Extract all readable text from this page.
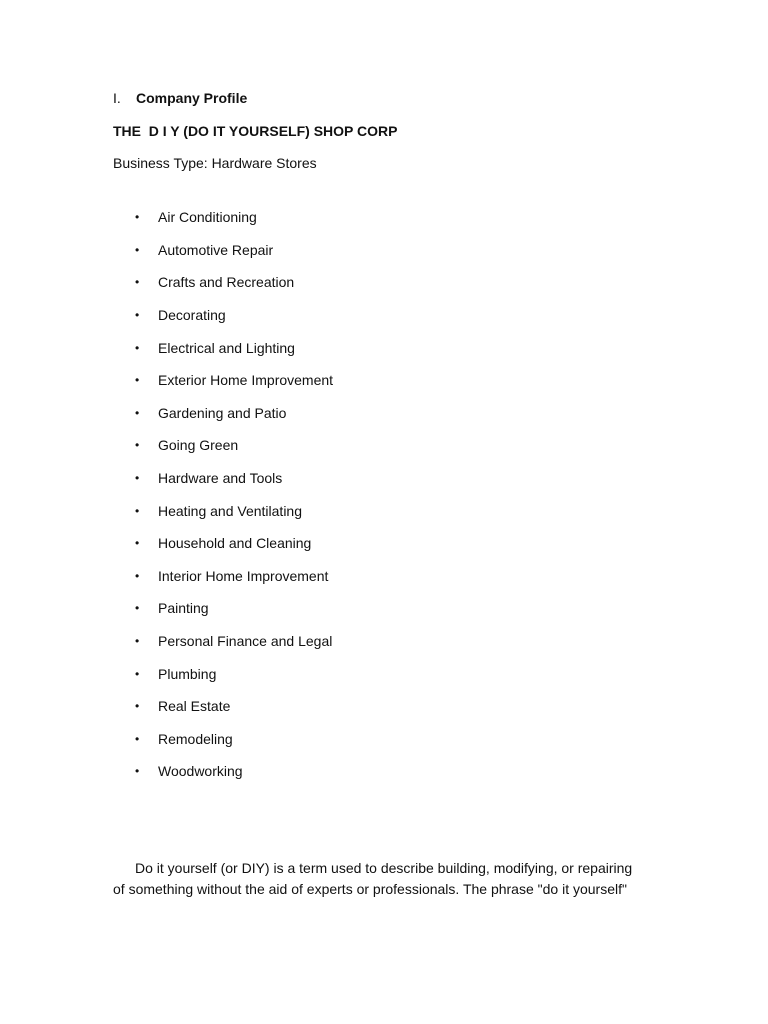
I. Company Profile
THE  D I Y (DO IT YOURSELF) SHOP CORP
Business Type: Hardware Stores
•	Air Conditioning
•	Automotive Repair
•	Crafts and Recreation
•	Decorating
•	Electrical and Lighting
•	Exterior Home Improvement
•	Gardening and Patio
•	Going Green
•	Hardware and Tools
•	Heating and Ventilating
•	Household and Cleaning
•	Interior Home Improvement
•	Painting
•	Personal Finance and Legal
•	Plumbing
•	Real Estate
•	Remodeling
•	Woodworking
Do it yourself (or DIY) is a term used to describe building, modifying, or repairing
of something without the aid of experts or professionals. The phrase "do it yourself"
